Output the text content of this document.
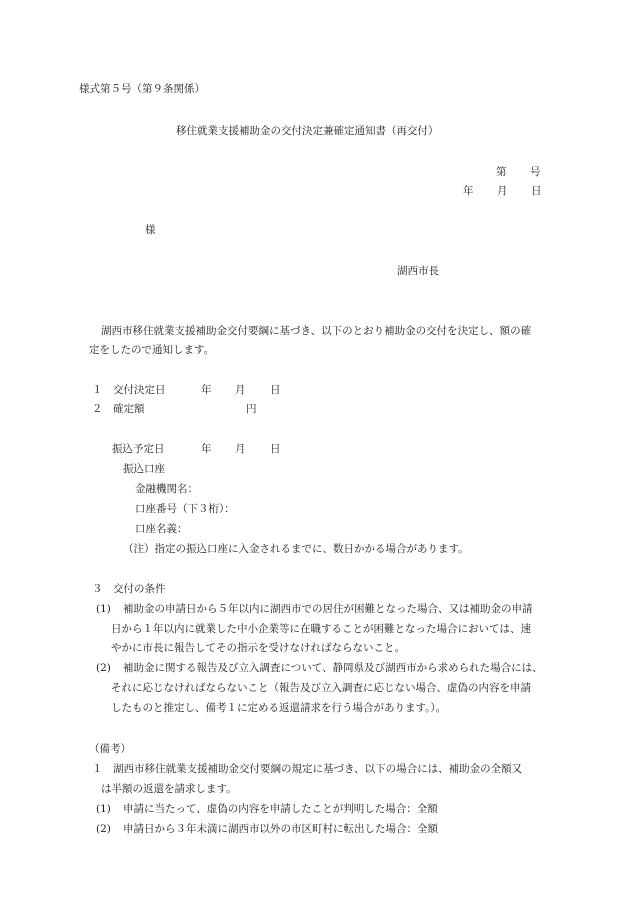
様式第５号（第９条関係）
移住就業支援補助金の交付決定兼確定通知書（再交付）
第 号
年 月 日
様
湖西市長
湖西市移住就業支援補助金交付要綱に基づき、以下のとおり補助金の交付を決定し、額の確
定をしたので通知します。
１ 交付決定日	年 月 日
２ 確定額	円
振込予定日	年 月 日
振込口座
金融機関名：
口座番号（下３桁）：
口座名義：
（注）指定の振込口座に入金されるまでに、数日かかる場合があります。
３　交付の条件
(1) 補助金の申請日から５年以内に湖西市での居住が困難となった場合、又は補助金の申請
日から１年以内に就業した中小企業等に在職することが困難となった場合においては、速
やかに市長に報告してその指示を受けなければならないこと。
(2) 補助金に関する報告及び立入調査について、静岡県及び湖西市から求められた場合には、
それに応じなければならないこと（報告及び立入調査に応じない場合、虚偽の内容を申請
したものと推定し、備考１に定める返還請求を行う場合があります。）。
（備考）
１ 湖西市移住就業支援補助金交付要綱の規定に基づき、以下の場合には、補助金の全額又
は半額の返還を請求します。
(1) 申請に当たって、虚偽の内容を申請したことが判明した場合：全額
(2) 申請日から３年未満に湖西市以外の市区町村に転出した場合：全額
